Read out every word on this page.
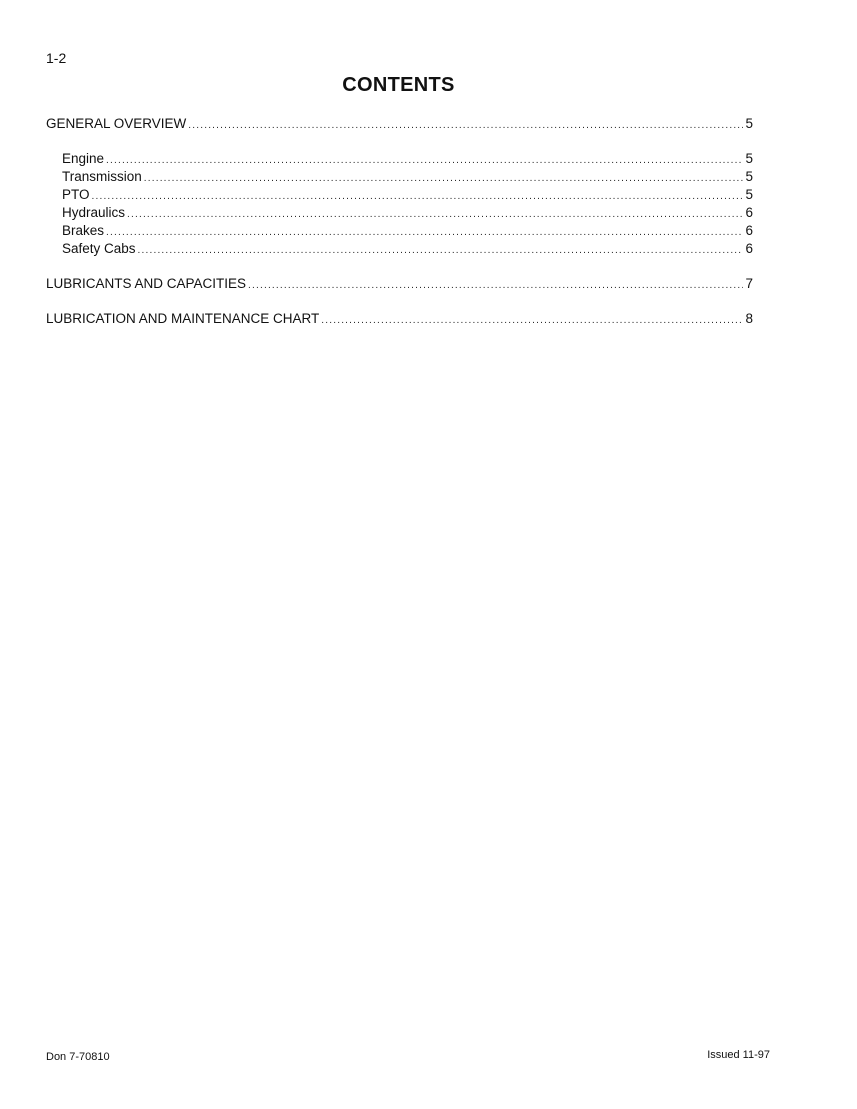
1-2
CONTENTS
GENERAL OVERVIEW .....	5
Engine .....	5
Transmission .....	5
PTO .....	5
Hydraulics .....	6
Brakes .....	6
Safety Cabs .....	6
LUBRICANTS AND CAPACITIES .....	7
LUBRICATION AND MAINTENANCE CHART .....	8
Don 7-70810	Issued 11-97
